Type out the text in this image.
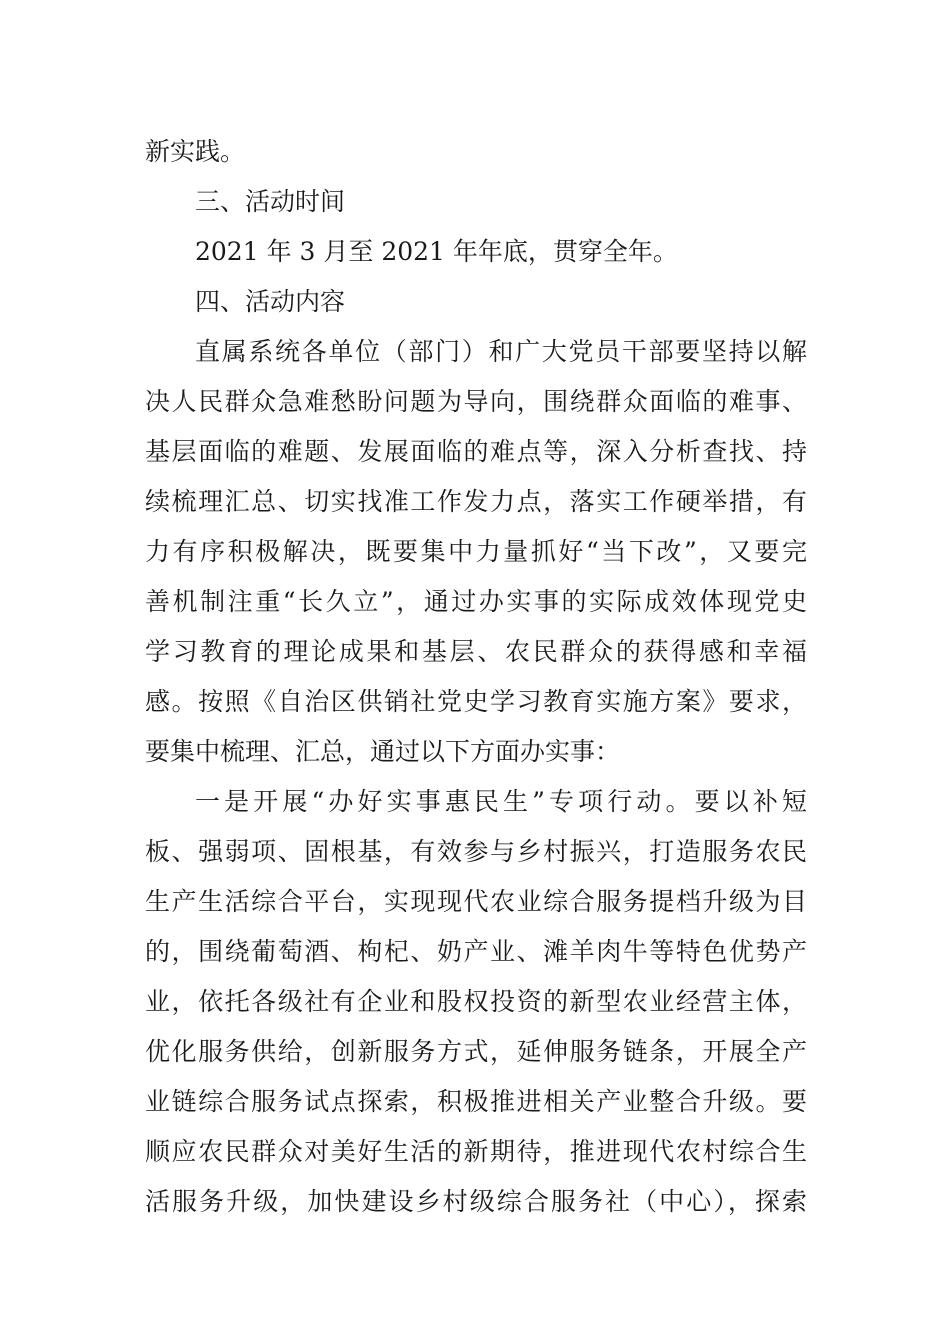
新实践。
三、活动时间
2021 年 3 月至 2021 年年底，贯穿全年。
四、活动内容
直属系统各单位（部门）和广大党员干部要坚持以解
决人民群众急难愁盼问题为导向，围绕群众面临的难事、
基层面临的难题、发展面临的难点等，深入分析查找、持
续梳理汇总、切实找准工作发力点，落实工作硬举措，有
力有序积极解决，既要集中力量抓好“当下改”，又要完
善机制注重“长久立”，通过办实事的实际成效体现党史
学习教育的理论成果和基层、农民群众的获得感和幸福
感。按照《自治区供销社党史学习教育实施方案》要求，
要集中梳理、汇总，通过以下方面办实事：
一是开展“办好实事惠民生”专项行动。要以补短
板、强弱项、固根基，有效参与乡村振兴，打造服务农民
生产生活综合平台，实现现代农业综合服务提档升级为目
的，围绕葡萄酒、枸杞、奶产业、滩羊肉牛等特色优势产
业，依托各级社有企业和股权投资的新型农业经营主体，
优化服务供给，创新服务方式，延伸服务链条，开展全产
业链综合服务试点探索，积极推进相关产业整合升级。要
顺应农民群众对美好生活的新期待，推进现代农村综合生
活服务升级，加快建设乡村级综合服务社（中心），探索
